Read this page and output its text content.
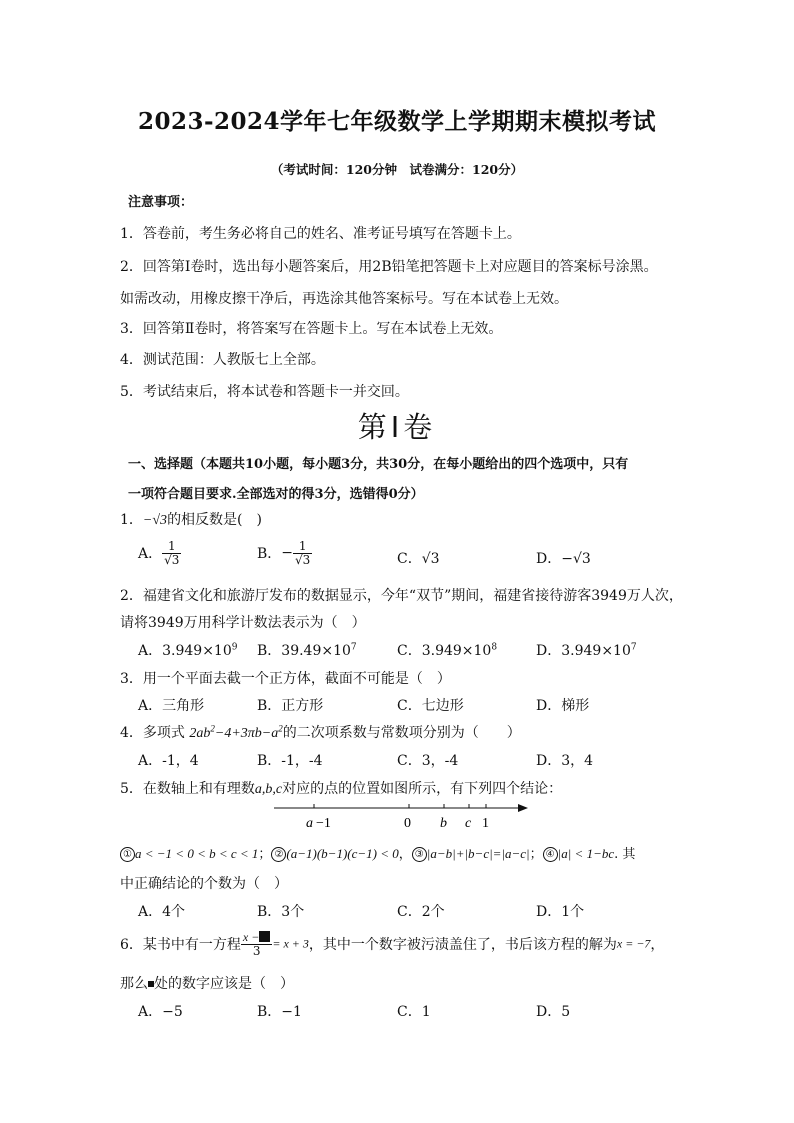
2023-2024学年七年级数学上学期期末模拟考试
（考试时间：120分钟　试卷满分：120分）
注意事项：
1．答卷前，考生务必将自己的姓名、准考证号填写在答题卡上。
2．回答第Ⅰ卷时，选出每小题答案后，用2B铅笔把答题卡上对应题目的答案标号涂黑。
如需改动，用橡皮擦干净后，再选涂其他答案标号。写在本试卷上无效。
3．回答第Ⅱ卷时，将答案写在答题卡上。写在本试卷上无效。
4．测试范围：人教版七上全部。
5．考试结束后，将本试卷和答题卡一并交回。
第Ⅰ卷
一、选择题（本题共10小题，每小题3分，共30分，在每小题给出的四个选项中，只有
一项符合题目要求.全部选对的得3分，选错得0分）
1．−√3的相反数是(　)
A． $\frac{1}{√3}$	B．− $\frac{1}{√3}$	C．√3	D．−√3
2．福建省文化和旅游厅发布的数据显示，今年“双节”期间，福建省接待游客3949万人次，
请将3949万用科学计数法表示为（　）
A．$3.949\times 10^9$ B．$39.49\times 10^7$	C．$3.949\times 10^8$	D．$3.949\times 10^7$
3．用一个平面去截一个正方体，截面不可能是（　）
A．三角形	B．正方形	C．七边形	D．梯形
4．多项式 $2ab^2-4+3\pi b-a^2$的二次项系数与常数项分别为（　　）
A．-1，4	B．-1，-4	C．3，-4	D．3，4
5．在数轴上和有理数a,b,c对应的点的位置如图所示，有下列四个结论：
a −1	0 b c 1
① a < −1 < 0 < b < c < 1； ② (a−1)(b−1)(c−1) < 0， ③ |a−b|+|b−c|=|a−c|； ④ |a| < 1−bc. 其
中正确结论的个数为（　）
A．4个	B．3个	C．2个	D．1个
6．某书中有一方程 $\frac{x -}{3} = x + 3$，其中一个数字被污渍盖住了，书后该方程的解为x = −7，
那么 处的数字应该是（　）
A．−5	B．−1	C．1	D．5
